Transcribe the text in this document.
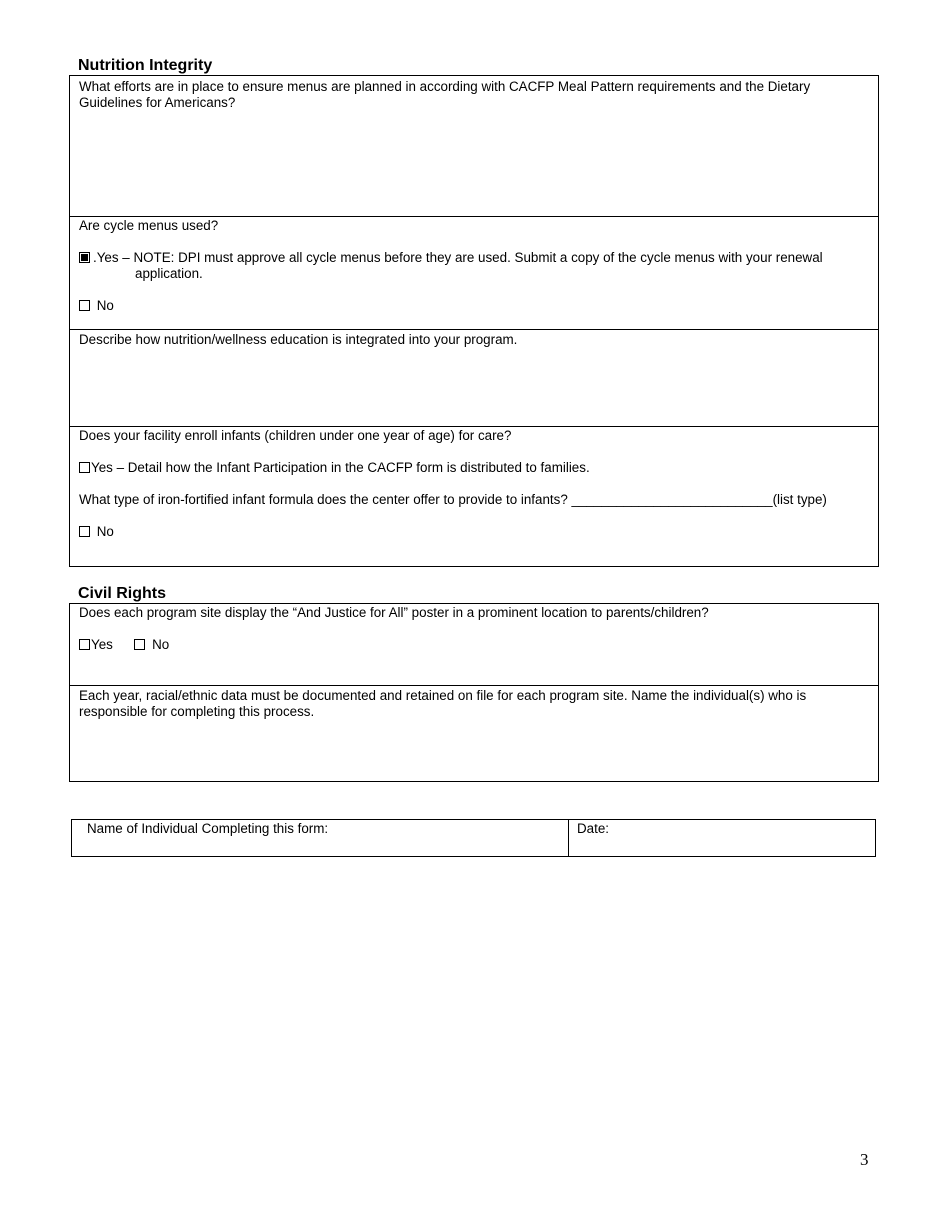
Nutrition Integrity
What efforts are in place to ensure menus are planned in according with CACFP Meal Pattern requirements and the Dietary Guidelines for Americans?
Are cycle menus used?
.Yes – NOTE: DPI must approve all cycle menus before they are used. Submit a copy of the cycle menus with your renewal
application.
No
Describe how nutrition/wellness education is integrated into your program.
Does your facility enroll infants (children under one year of age) for care?
Yes – Detail how the Infant Participation in the CACFP form is distributed to families.
What type of iron-fortified infant formula does the center offer to provide to infants? ___________________________(list type)
No
Civil Rights
Does each program site display the “And Justice for All” poster in a prominent location to parents/children?
Yes	No
Each year, racial/ethnic data must be documented and retained on file for each program site. Name the individual(s) who is responsible for completing this process.
Name of Individual Completing this form:	Date:
3
